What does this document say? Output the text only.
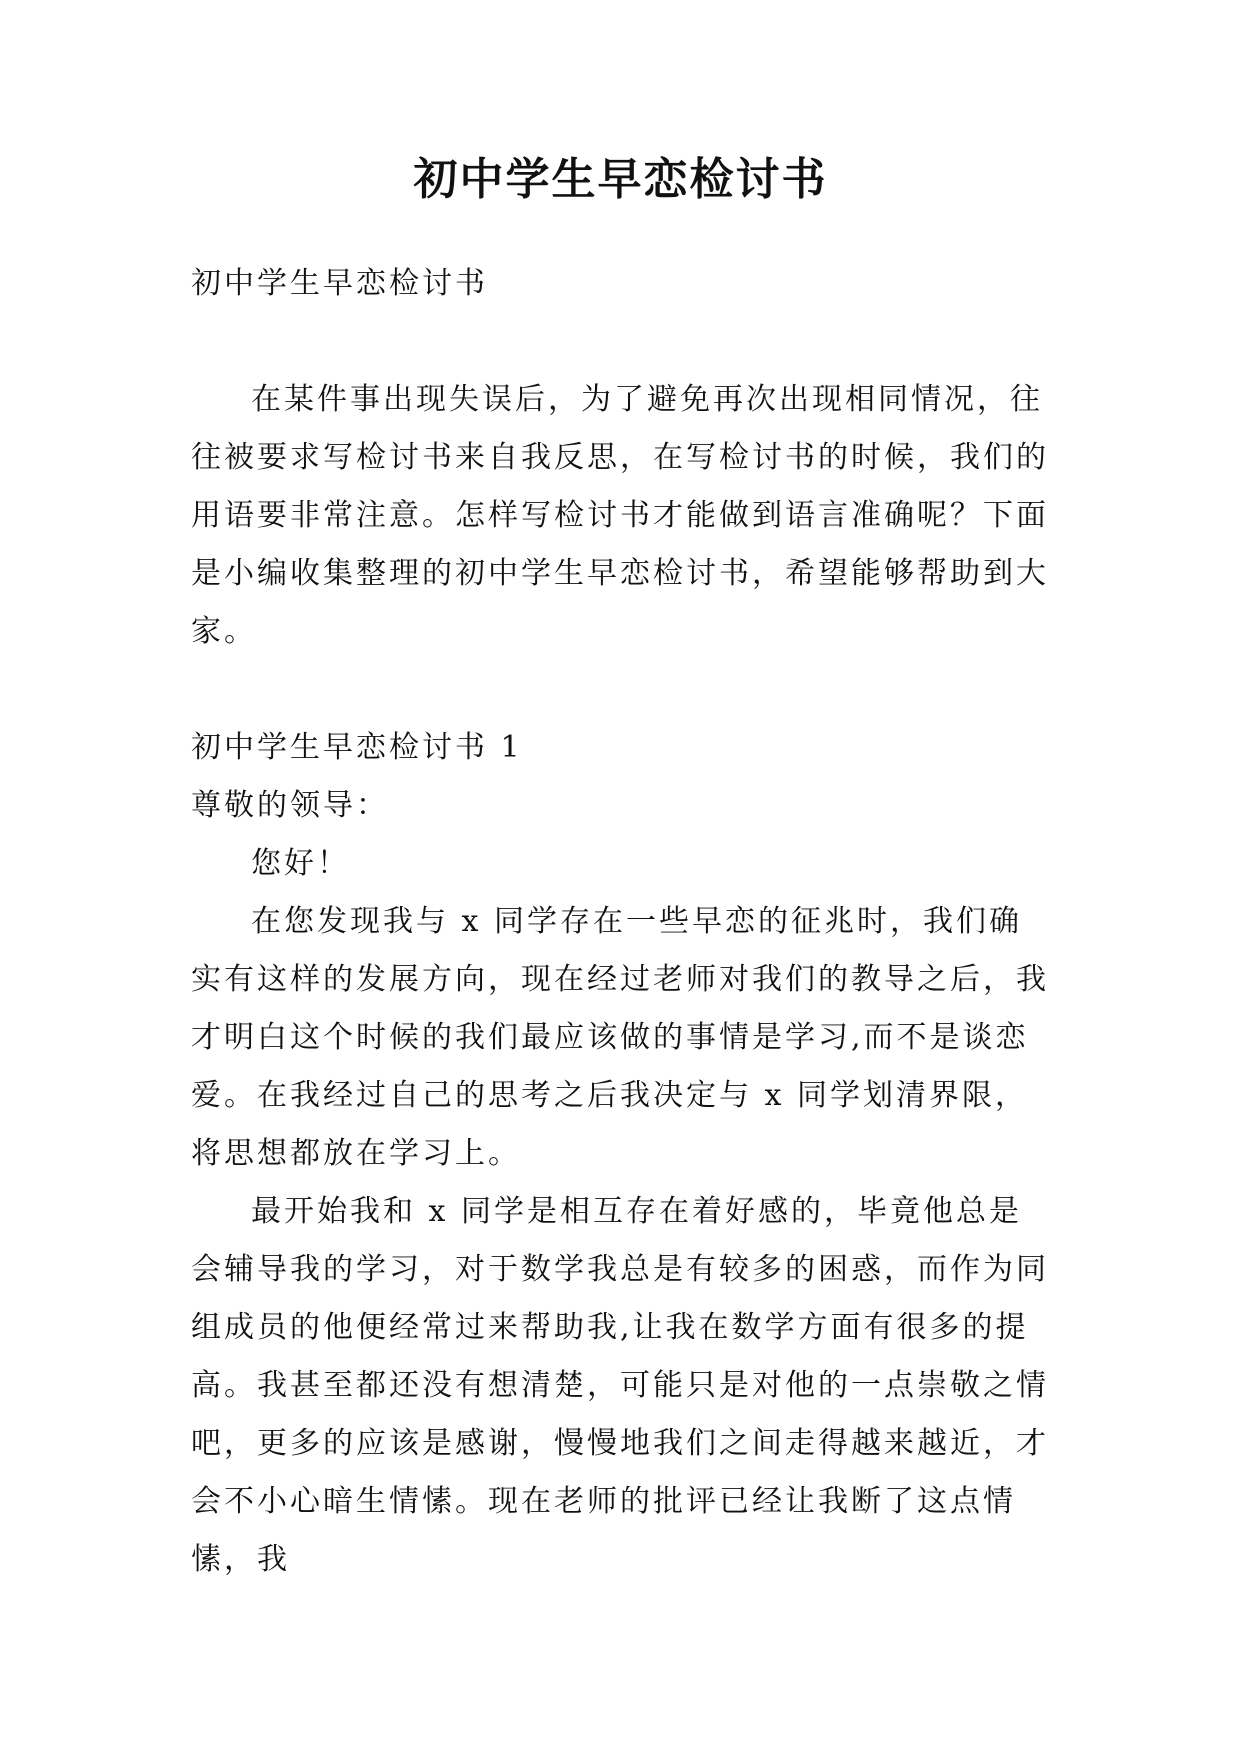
初中学生早恋检讨书

初中学生早恋检讨书

在某件事出现失误后，为了避免再次出现相同情况，往往被要求写检讨书来自我反思，在写检讨书的时候，我们的用语要非常注意。怎样写检讨书才能做到语言准确呢？下面是小编收集整理的初中学生早恋检讨书，希望能够帮助到大家。

初中学生早恋检讨书 1

尊敬的领导：

您好！

在您发现我与 x 同学存在一些早恋的征兆时，我们确实有这样的发展方向，现在经过老师对我们的教导之后，我才明白这个时候的我们最应该做的事情是学习,而不是谈恋爱。在我经过自己的思考之后我决定与 x 同学划清界限，将思想都放在学习上。

最开始我和 x 同学是相互存在着好感的，毕竟他总是会辅导我的学习，对于数学我总是有较多的困惑，而作为同组成员的他便经常过来帮助我,让我在数学方面有很多的提高。我甚至都还没有想清楚，可能只是对他的一点崇敬之情吧，更多的应该是感谢，慢慢地我们之间走得越来越近，才会不小心暗生情愫。现在老师的批评已经让我断了这点情愫，我
